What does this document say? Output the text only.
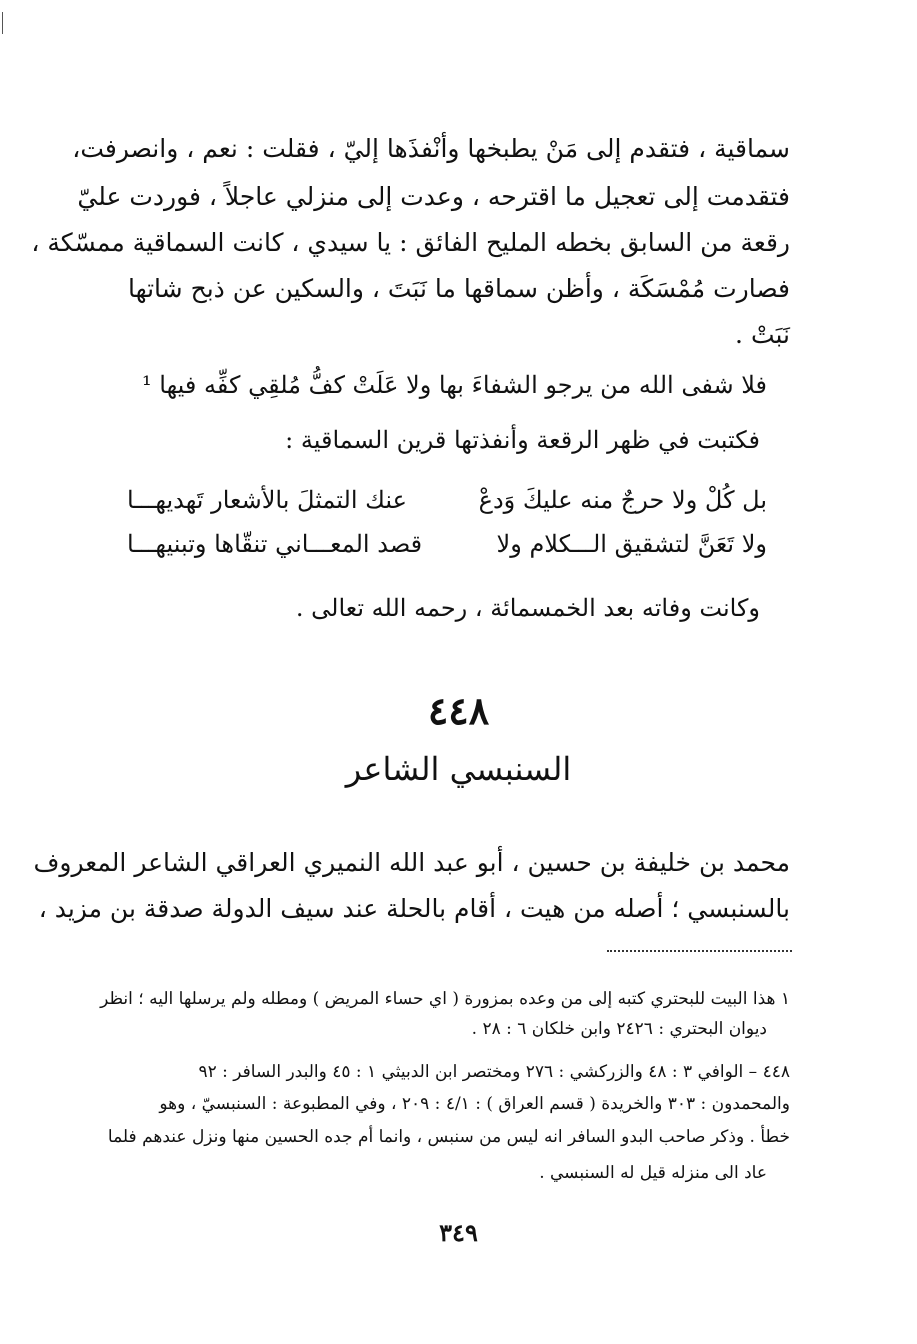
سماقية ، فتقدم إلى مَنْ يطبخها وأنْفذَها إليّ ، فقلت : نعم ، وانصرفت،
فتقدمت إلى تعجيل ما اقترحه ، وعدت إلى منزلي عاجلاً ، فوردت عليّ
رقعة من السابق بخطه المليح الفائق : يا سيدي ، كانت السماقية ممسّكة ،
فصارت مُمْسَكَة ، وأظن سماقها ما نَبَتَ ، والسكين عن ذبح شاتها
نَبَتْ .
فلا شفى الله من يرجو الشفاءَ بها ولا عَلَتْ كفُّ مُلقِي كفِّه فيها ¹
فكتبت في ظهر الرقعة وأنفذتها قرين السماقية :
بل كُلْ ولا حرجٌ منه عليكَ وَدعْ
عنك التمثلَ بالأشعار تَهديهـــا
ولا تَعَنَّ لتشقيق الـــكلام ولا
قصد المعـــاني تنقّاها وتبنيهـــا
وكانت وفاته بعد الخمسمائة ، رحمه الله تعالى .
٤٤٨
السنبسي الشاعر
محمد بن خليفة بن حسين ، أبو عبد الله النميري العراقي الشاعر المعروف
بالسنبسي ؛ أصله من هيت ، أقام بالحلة عند سيف الدولة صدقة بن مزيد ،
١ هذا البيت للبحتري كتبه إلى من وعده بمزورة ( اي حساء المريض ) ومطله ولم يرسلها اليه ؛ انظر
ديوان البحتري : ٢٤٢٦ وابن خلكان ٦ : ٢٨ .
٤٤٨ – الوافي ٣ : ٤٨ والزركشي : ٢٧٦ ومختصر ابن الدبيثي ١ : ٤٥ والبدر السافر : ٩٢
والمحمدون : ٣٠٣ والخريدة ( قسم العراق ) : ٤/١ : ٢٠٩ ، وفي المطبوعة : السنبسيّ ، وهو
خطأ . وذكر صاحب البدو السافر انه ليس من سنبس ، وانما أم جده الحسين منها ونزل عندهم فلما
عاد الى منزله قيل له السنبسي .
٣٤٩
